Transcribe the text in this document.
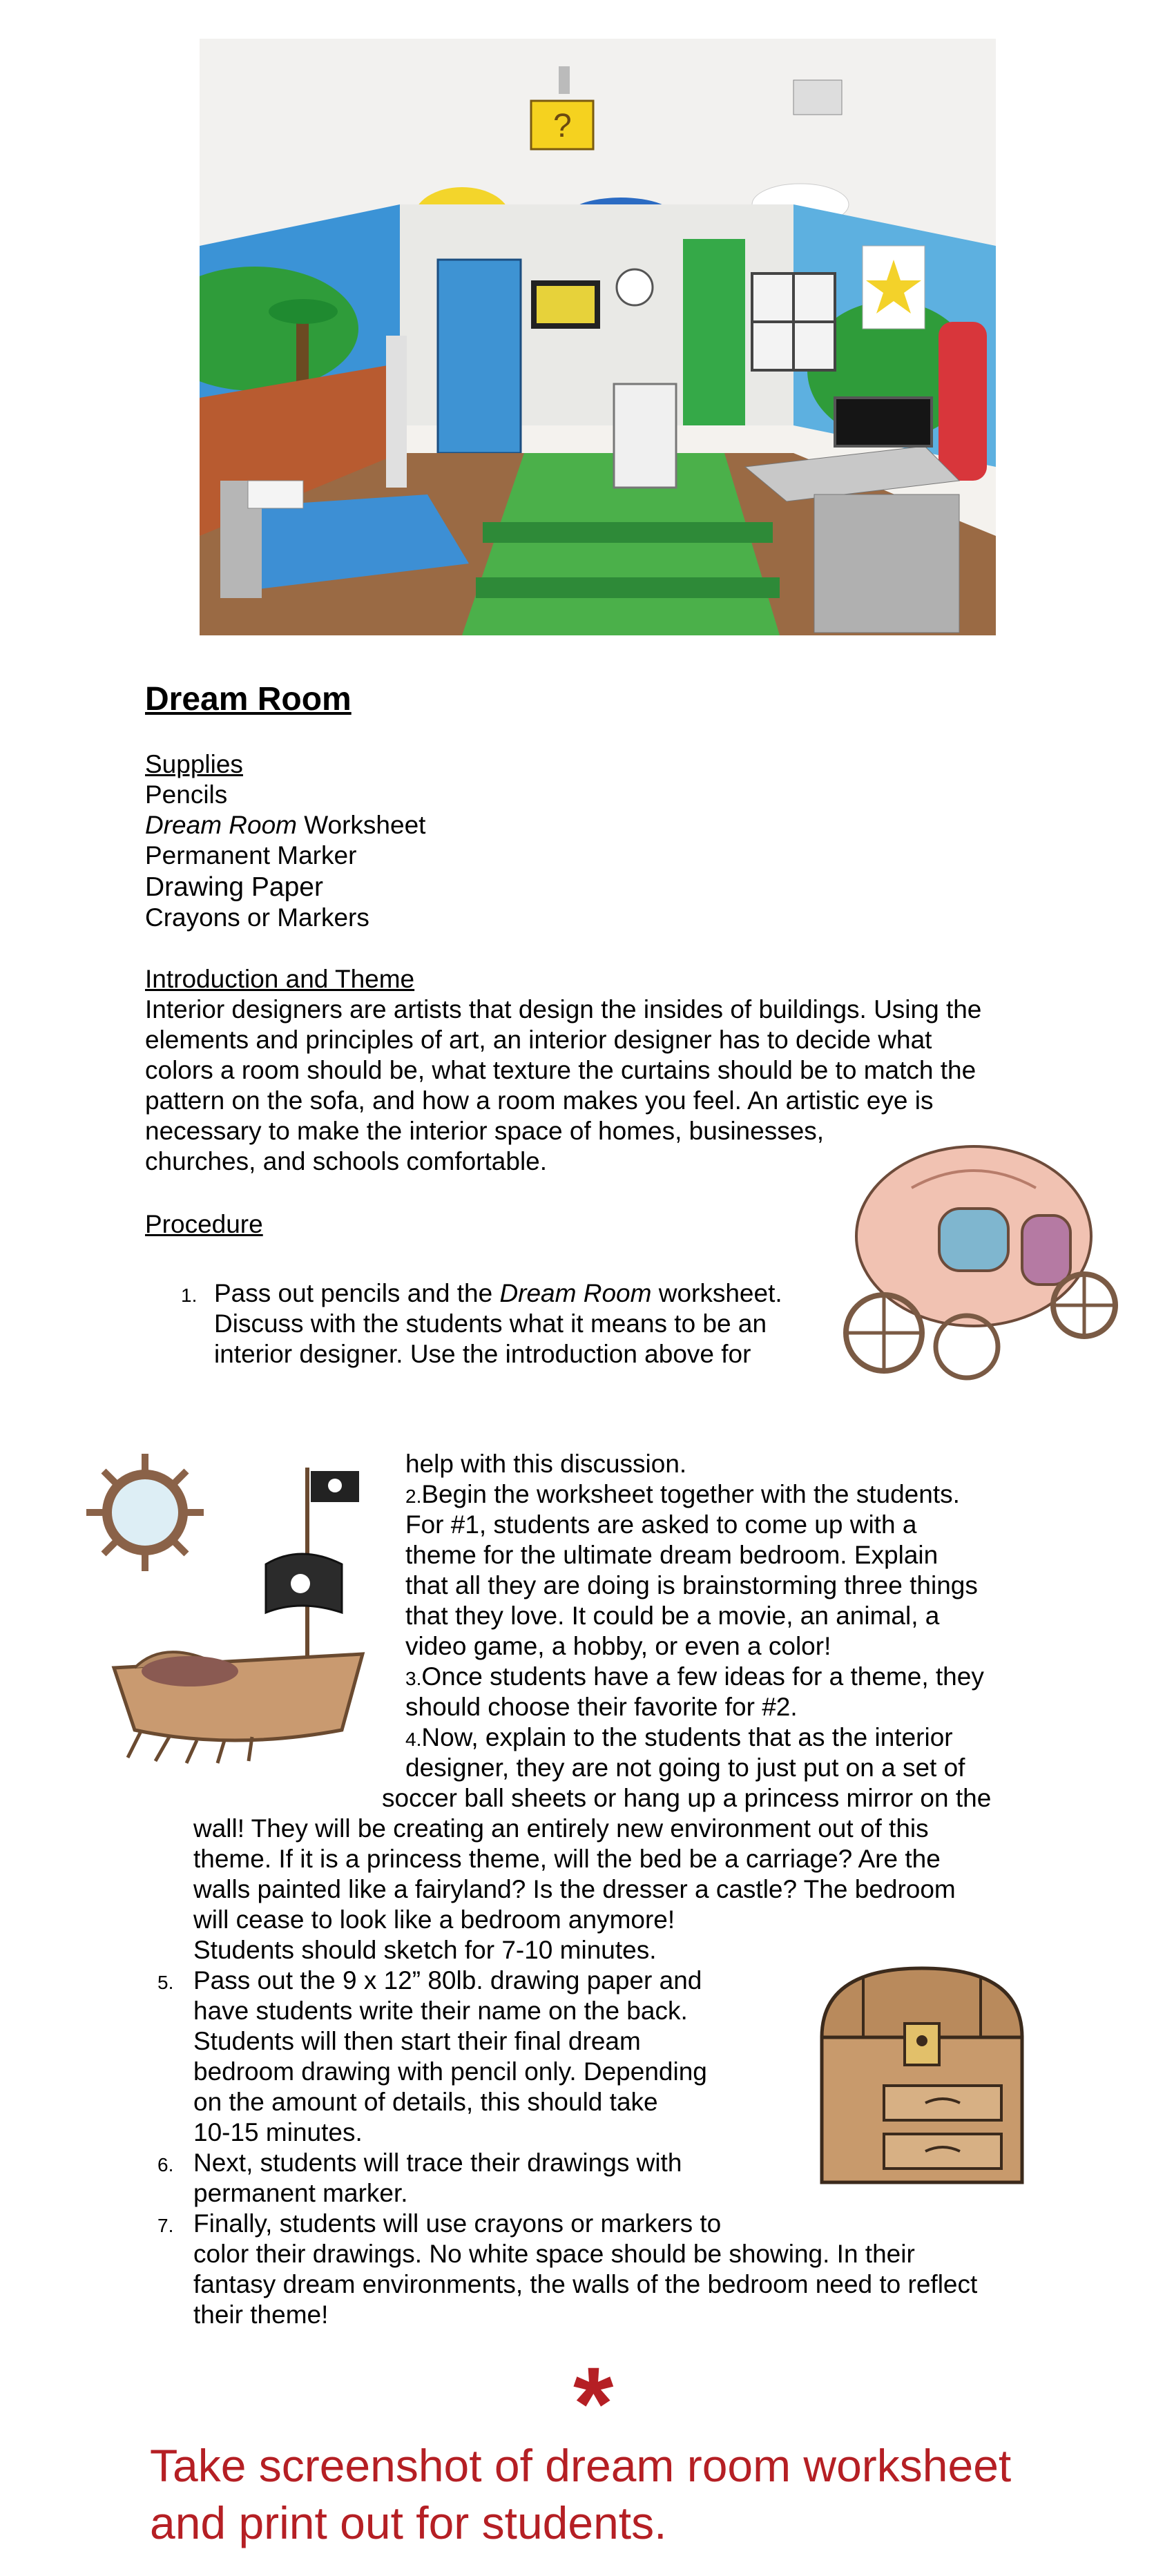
?
Dream Room
Supplies
Pencils
Dream Room Worksheet
Permanent Marker
Drawing Paper
Crayons or Markers
Introduction and Theme
Interior designers are artists that design the insides of buildings. Using the
elements and principles of art, an interior designer has to decide what
colors a room should be, what texture the curtains should be to match the
pattern on the sofa, and how a room makes you feel. An artistic eye is
necessary to make the interior space of homes, businesses,
churches, and schools comfortable.
Procedure
1. Pass out pencils and the Dream Room worksheet.
Discuss with the students what it means to be an
interior designer. Use the introduction above for
help with this discussion.
2.Begin the worksheet together with the students.
For #1, students are asked to come up with a
theme for the ultimate dream bedroom. Explain
that all they are doing is brainstorming three things
that they love. It could be a movie, an animal, a
video game, a hobby, or even a color!
3.Once students have a few ideas for a theme, they
should choose their favorite for #2.
4.Now, explain to the students that as the interior
designer, they are not going to just put on a set of
soccer ball sheets or hang up a princess mirror on the
wall! They will be creating an entirely new environment out of this
theme. If it is a princess theme, will the bed be a carriage? Are the
walls painted like a fairyland? Is the dresser a castle? The bedroom
will cease to look like a bedroom anymore!
Students should sketch for 7-10 minutes.
5. Pass out the 9 x 12” 80lb. drawing paper and
have students write their name on the back.
Students will then start their final dream
bedroom drawing with pencil only. Depending
on the amount of details, this should take
10-15 minutes.
6. Next, students will trace their drawings with
permanent marker.
7. Finally, students will use crayons or markers to
color their drawings. No white space should be showing. In their
fantasy dream environments, the walls of the bedroom need to reflect
their theme!
*
Take screenshot of dream room worksheet
and print out for students.
